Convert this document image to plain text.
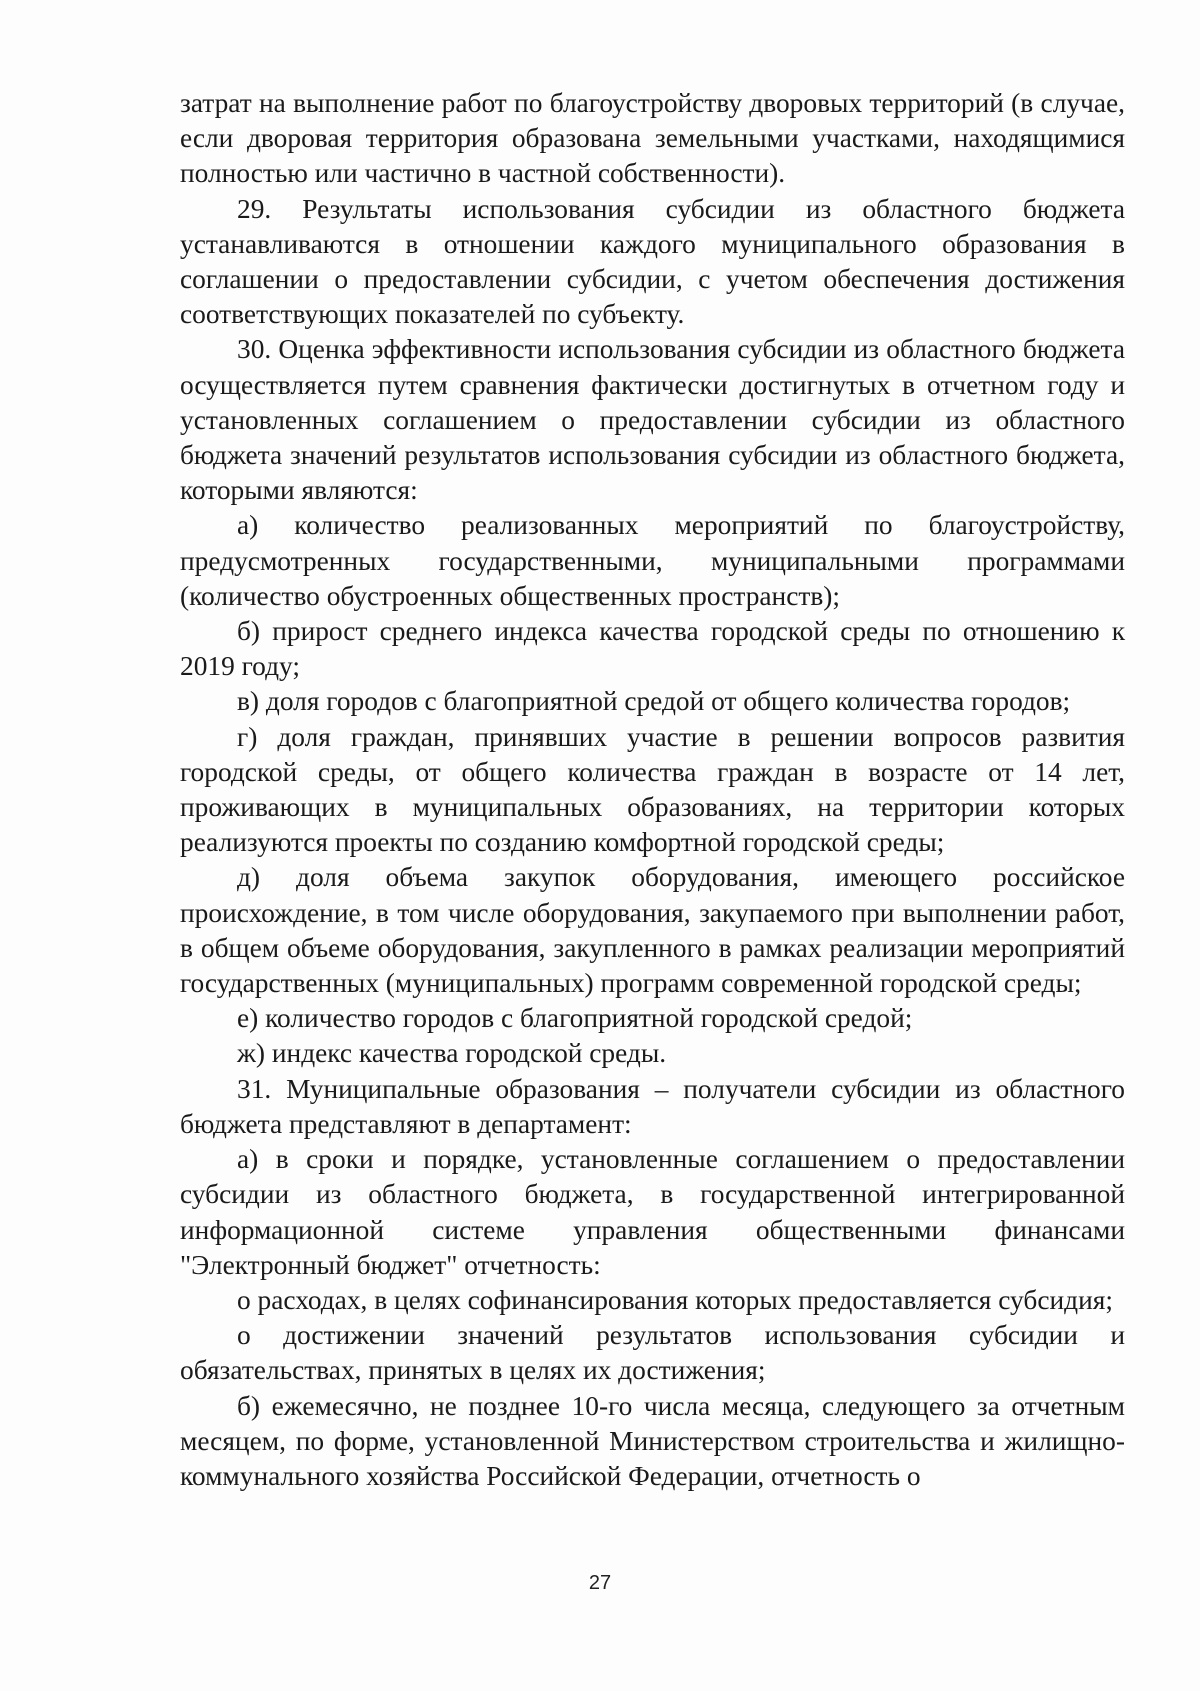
затрат на выполнение работ по благоустройству дворовых территорий (в случае, если дворовая территория образована земельными участками, находящимися полностью или частично в частной собственности).

29. Результаты использования субсидии из областного бюджета устанавливаются в отношении каждого муниципального образования в соглашении о предоставлении субсидии, с учетом обеспечения достижения соответствующих показателей по субъекту.

30. Оценка эффективности использования субсидии из областного бюджета осуществляется путем сравнения фактически достигнутых в отчетном году и установленных соглашением о предоставлении субсидии из областного бюджета значений результатов использования субсидии из областного бюджета, которыми являются:

а) количество реализованных мероприятий по благоустройству, предусмотренных государственными, муниципальными программами (количество обустроенных общественных пространств);

б) прирост среднего индекса качества городской среды по отношению к 2019 году;

в) доля городов с благоприятной средой от общего количества городов;

г) доля граждан, принявших участие в решении вопросов развития городской среды, от общего количества граждан в возрасте от 14 лет, проживающих в муниципальных образованиях, на территории которых реализуются проекты по созданию комфортной городской среды;

д) доля объема закупок оборудования, имеющего российское происхождение, в том числе оборудования, закупаемого при выполнении работ, в общем объеме оборудования, закупленного в рамках реализации мероприятий государственных (муниципальных) программ современной городской среды;

е) количество городов с благоприятной городской средой;

ж) индекс качества городской среды.

31. Муниципальные образования – получатели субсидии из областного бюджета представляют в департамент:

а) в сроки и порядке, установленные соглашением о предоставлении субсидии из областного бюджета, в государственной интегрированной информационной системе управления общественными финансами "Электронный бюджет" отчетность:

о расходах, в целях софинансирования которых предоставляется субсидия;

о достижении значений результатов использования субсидии и обязательствах, принятых в целях их достижения;

б) ежемесячно, не позднее 10-го числа месяца, следующего за отчетным месяцем, по форме, установленной Министерством строительства и жилищно-коммунального хозяйства Российской Федерации, отчетность о

27
